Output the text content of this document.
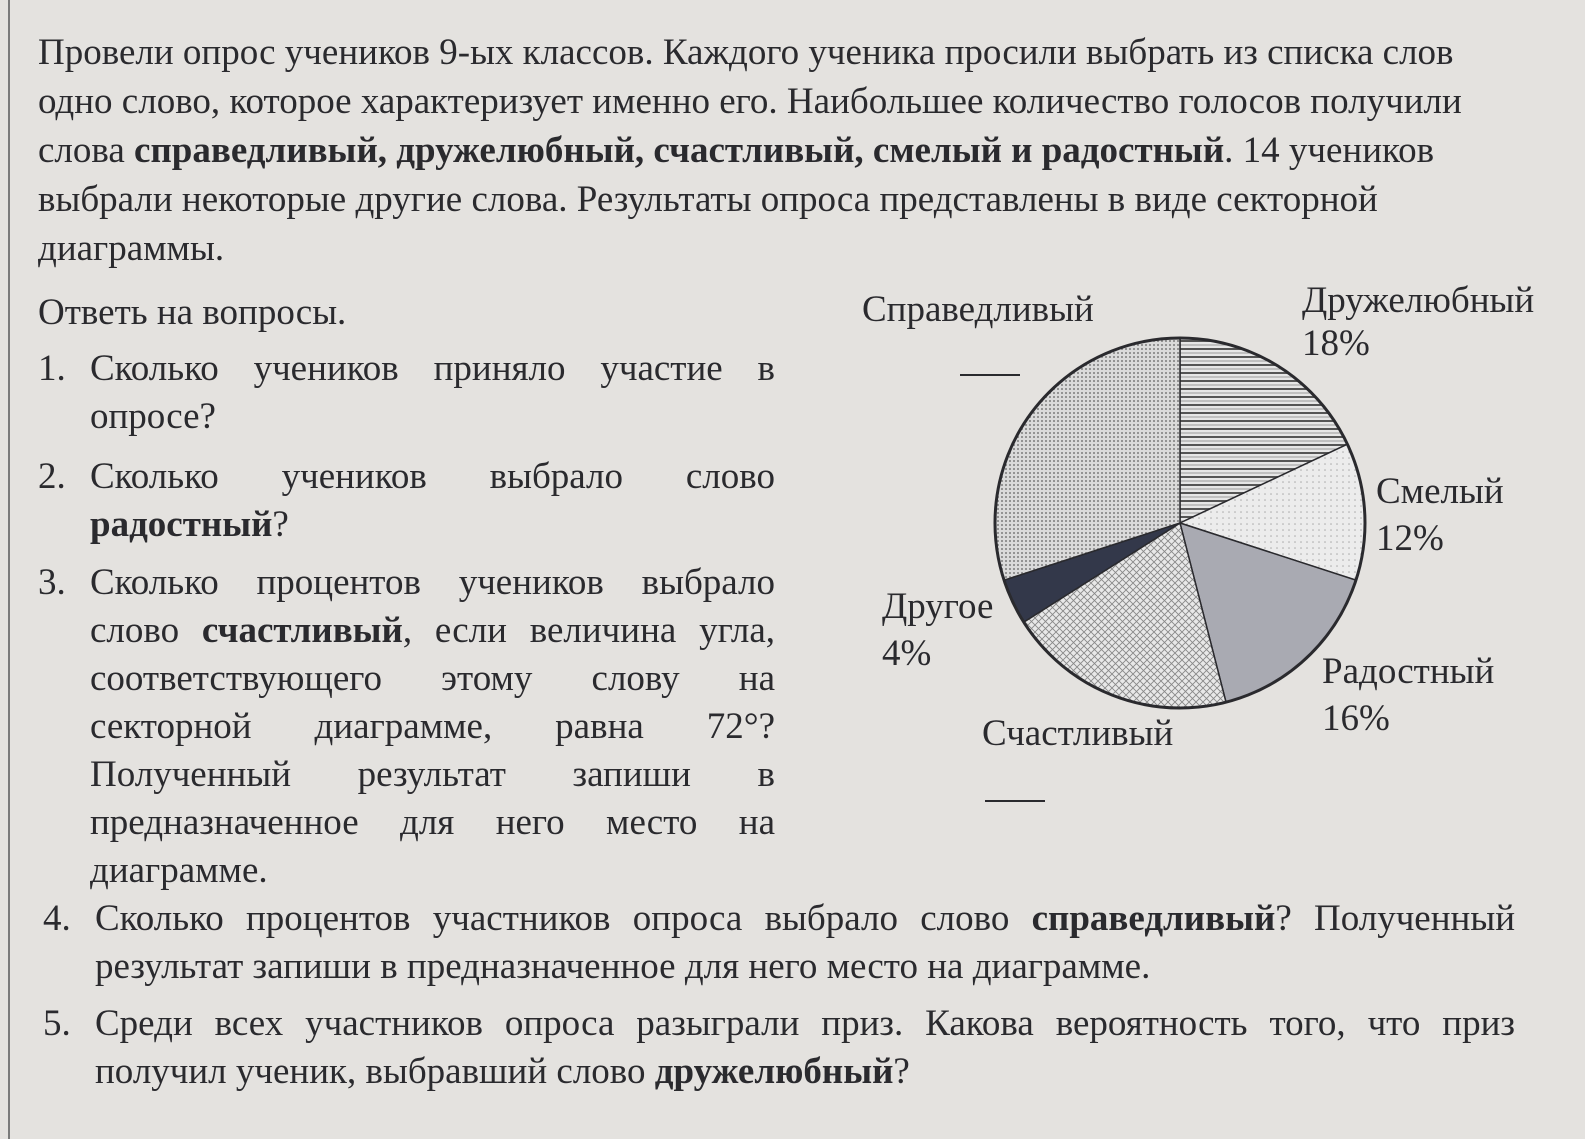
Провели опрос учеников 9-ых классов. Каждого ученика просили выбрать из списка слов одно слово, которое характеризует именно его. Наибольшее количество голосов получили слова справедливый, дружелюбный, счастливый, смелый и радостный. 14 учеников выбрали некоторые другие слова. Результаты опроса представлены в виде секторной диаграммы.

Ответь на вопросы.

1. Сколько учеников приняло участие в опросе?
2. Сколько учеников выбрало слово радостный?
3. Сколько процентов учеников выбрало слово счастливый, если величина угла, соответствующего этому слову на секторной диаграмме, равна 72°? Полученный результат запиши в предназначенное для него место на диаграмме.
4. Сколько процентов участников опроса выбрало слово справедливый? Полученный результат запиши в предназначенное для него место на диаграмме.
5. Среди всех участников опроса разыграли приз. Какова вероятность того, что приз получил ученик, выбравший слово дружелюбный?
Справедливый	Дружелюбный
18%
Смелый
12%
Радостный
16%
Другое
4%
Счастливый
